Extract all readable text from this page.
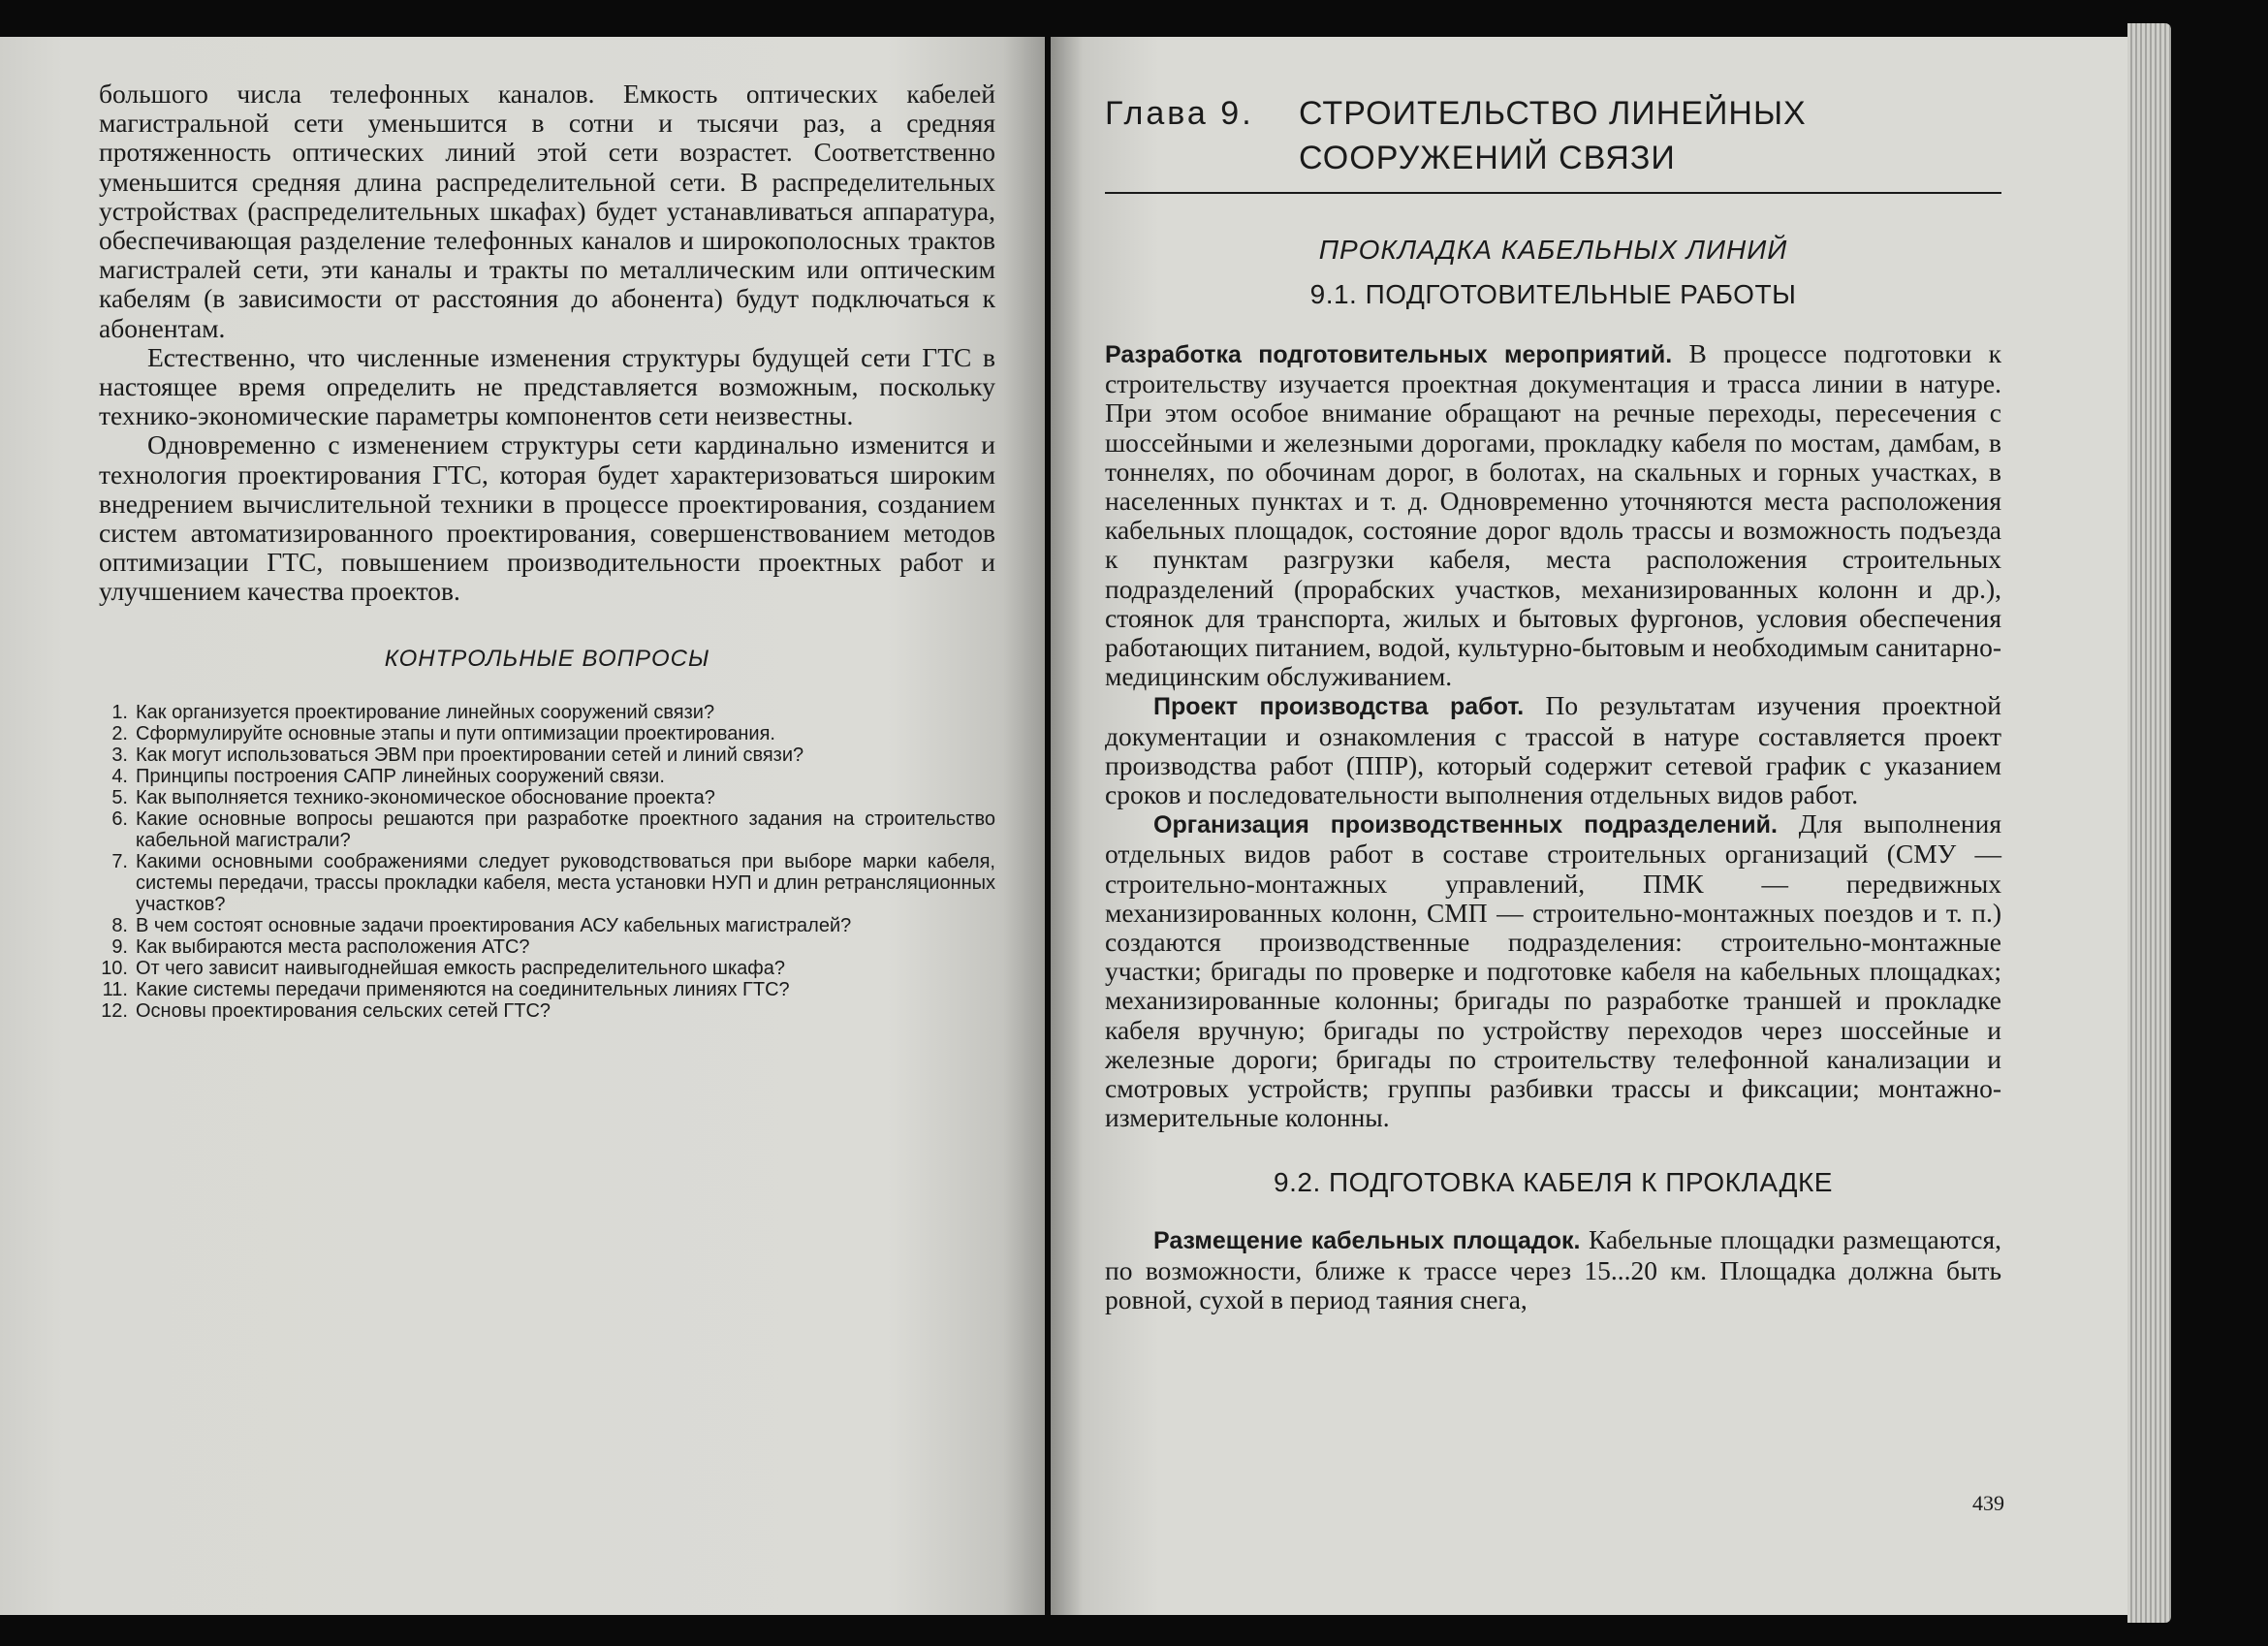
большого числа телефонных каналов. Емкость оптических кабелей магистральной сети уменьшится в сотни и тысячи раз, а средняя протяженность оптических линий этой сети возрастет. Соответственно уменьшится средняя длина распределительной сети. В распределительных устройствах (распределительных шкафах) будет устанавливаться аппаратура, обеспечивающая разделение телефонных каналов и широкополосных трактов магистралей сети, эти каналы и тракты по металлическим или оптическим кабелям (в зависимости от расстояния до абонента) будут подключаться к абонентам.

Естественно, что численные изменения структуры будущей сети ГТС в настоящее время определить не представляется возможным, поскольку технико-экономические параметры компонентов сети неизвестны.

Одновременно с изменением структуры сети кардинально изменится и технология проектирования ГТС, которая будет характеризоваться широким внедрением вычислительной техники в процессе проектирования, созданием систем автоматизированного проектирования, совершенствованием методов оптимизации ГТС, повышением производительности проектных работ и улучшением качества проектов.

КОНТРОЛЬНЫЕ ВОПРОСЫ
1. Как организуется проектирование линейных сооружений связи?
2. Сформулируйте основные этапы и пути оптимизации проектирования.
3. Как могут использоваться ЭВМ при проектировании сетей и линий связи?
4. Принципы построения САПР линейных сооружений связи.
5. Как выполняется технико-экономическое обоснование проекта?
6. Какие основные вопросы решаются при разработке проектного задания на строительство кабельной магистрали?
7. Какими основными соображениями следует руководствоваться при выборе марки кабеля, системы передачи, трассы прокладки кабеля, места установки НУП и длин ретрансляционных участков?
8. В чем состоят основные задачи проектирования АСУ кабельных магистралей?
9. Как выбираются места расположения АТС?
10. От чего зависит наивыгоднейшая емкость распределительного шкафа?
11. Какие системы передачи применяются на соединительных линиях ГТС?
12. Основы проектирования сельских сетей ГТС?
Глава 9.	СТРОИТЕЛЬСТВО ЛИНЕЙНЫХ СООРУЖЕНИЙ СВЯЗИ
ПРОКЛАДКА КАБЕЛЬНЫХ ЛИНИЙ
9.1. ПОДГОТОВИТЕЛЬНЫЕ РАБОТЫ

Разработка подготовительных мероприятий. В процессе подготовки к строительству изучается проектная документация и трасса линии в натуре. При этом особое внимание обращают на речные переходы, пересечения с шоссейными и железными дорогами, прокладку кабеля по мостам, дамбам, в тоннелях, по обочинам дорог, в болотах, на скальных и горных участках, в населенных пунктах и т. д. Одновременно уточняются места расположения кабельных площадок, состояние дорог вдоль трассы и возможность подъезда к пунктам разгрузки кабеля, места расположения строительных подразделений (прорабских участков, механизированных колонн и др.), стоянок для транспорта, жилых и бытовых фургонов, условия обеспечения работающих питанием, водой, культурно-бытовым и необходимым санитарно-медицинским обслуживанием.

Проект производства работ. По результатам изучения проектной документации и ознакомления с трассой в натуре составляется проект производства работ (ППР), который содержит сетевой график с указанием сроков и последовательности выполнения отдельных видов работ.

Организация производственных подразделений. Для выполнения отдельных видов работ в составе строительных организаций (СМУ — строительно-монтажных управлений, ПМК — передвижных механизированных колонн, СМП — строительно-монтажных поездов и т. п.) создаются производственные подразделения: строительно-монтажные участки; бригады по проверке и подготовке кабеля на кабельных площадках; механизированные колонны; бригады по разработке траншей и прокладке кабеля вручную; бригады по устройству переходов через шоссейные и железные дороги; бригады по строительству телефонной канализации и смотровых устройств; группы разбивки трассы и фиксации; монтажно-измерительные колонны.

9.2. ПОДГОТОВКА КАБЕЛЯ К ПРОКЛАДКЕ

Размещение кабельных площадок. Кабельные площадки размещаются, по возможности, ближе к трассе через 15...20 км. Площадка должна быть ровной, сухой в период таяния снега,

439
